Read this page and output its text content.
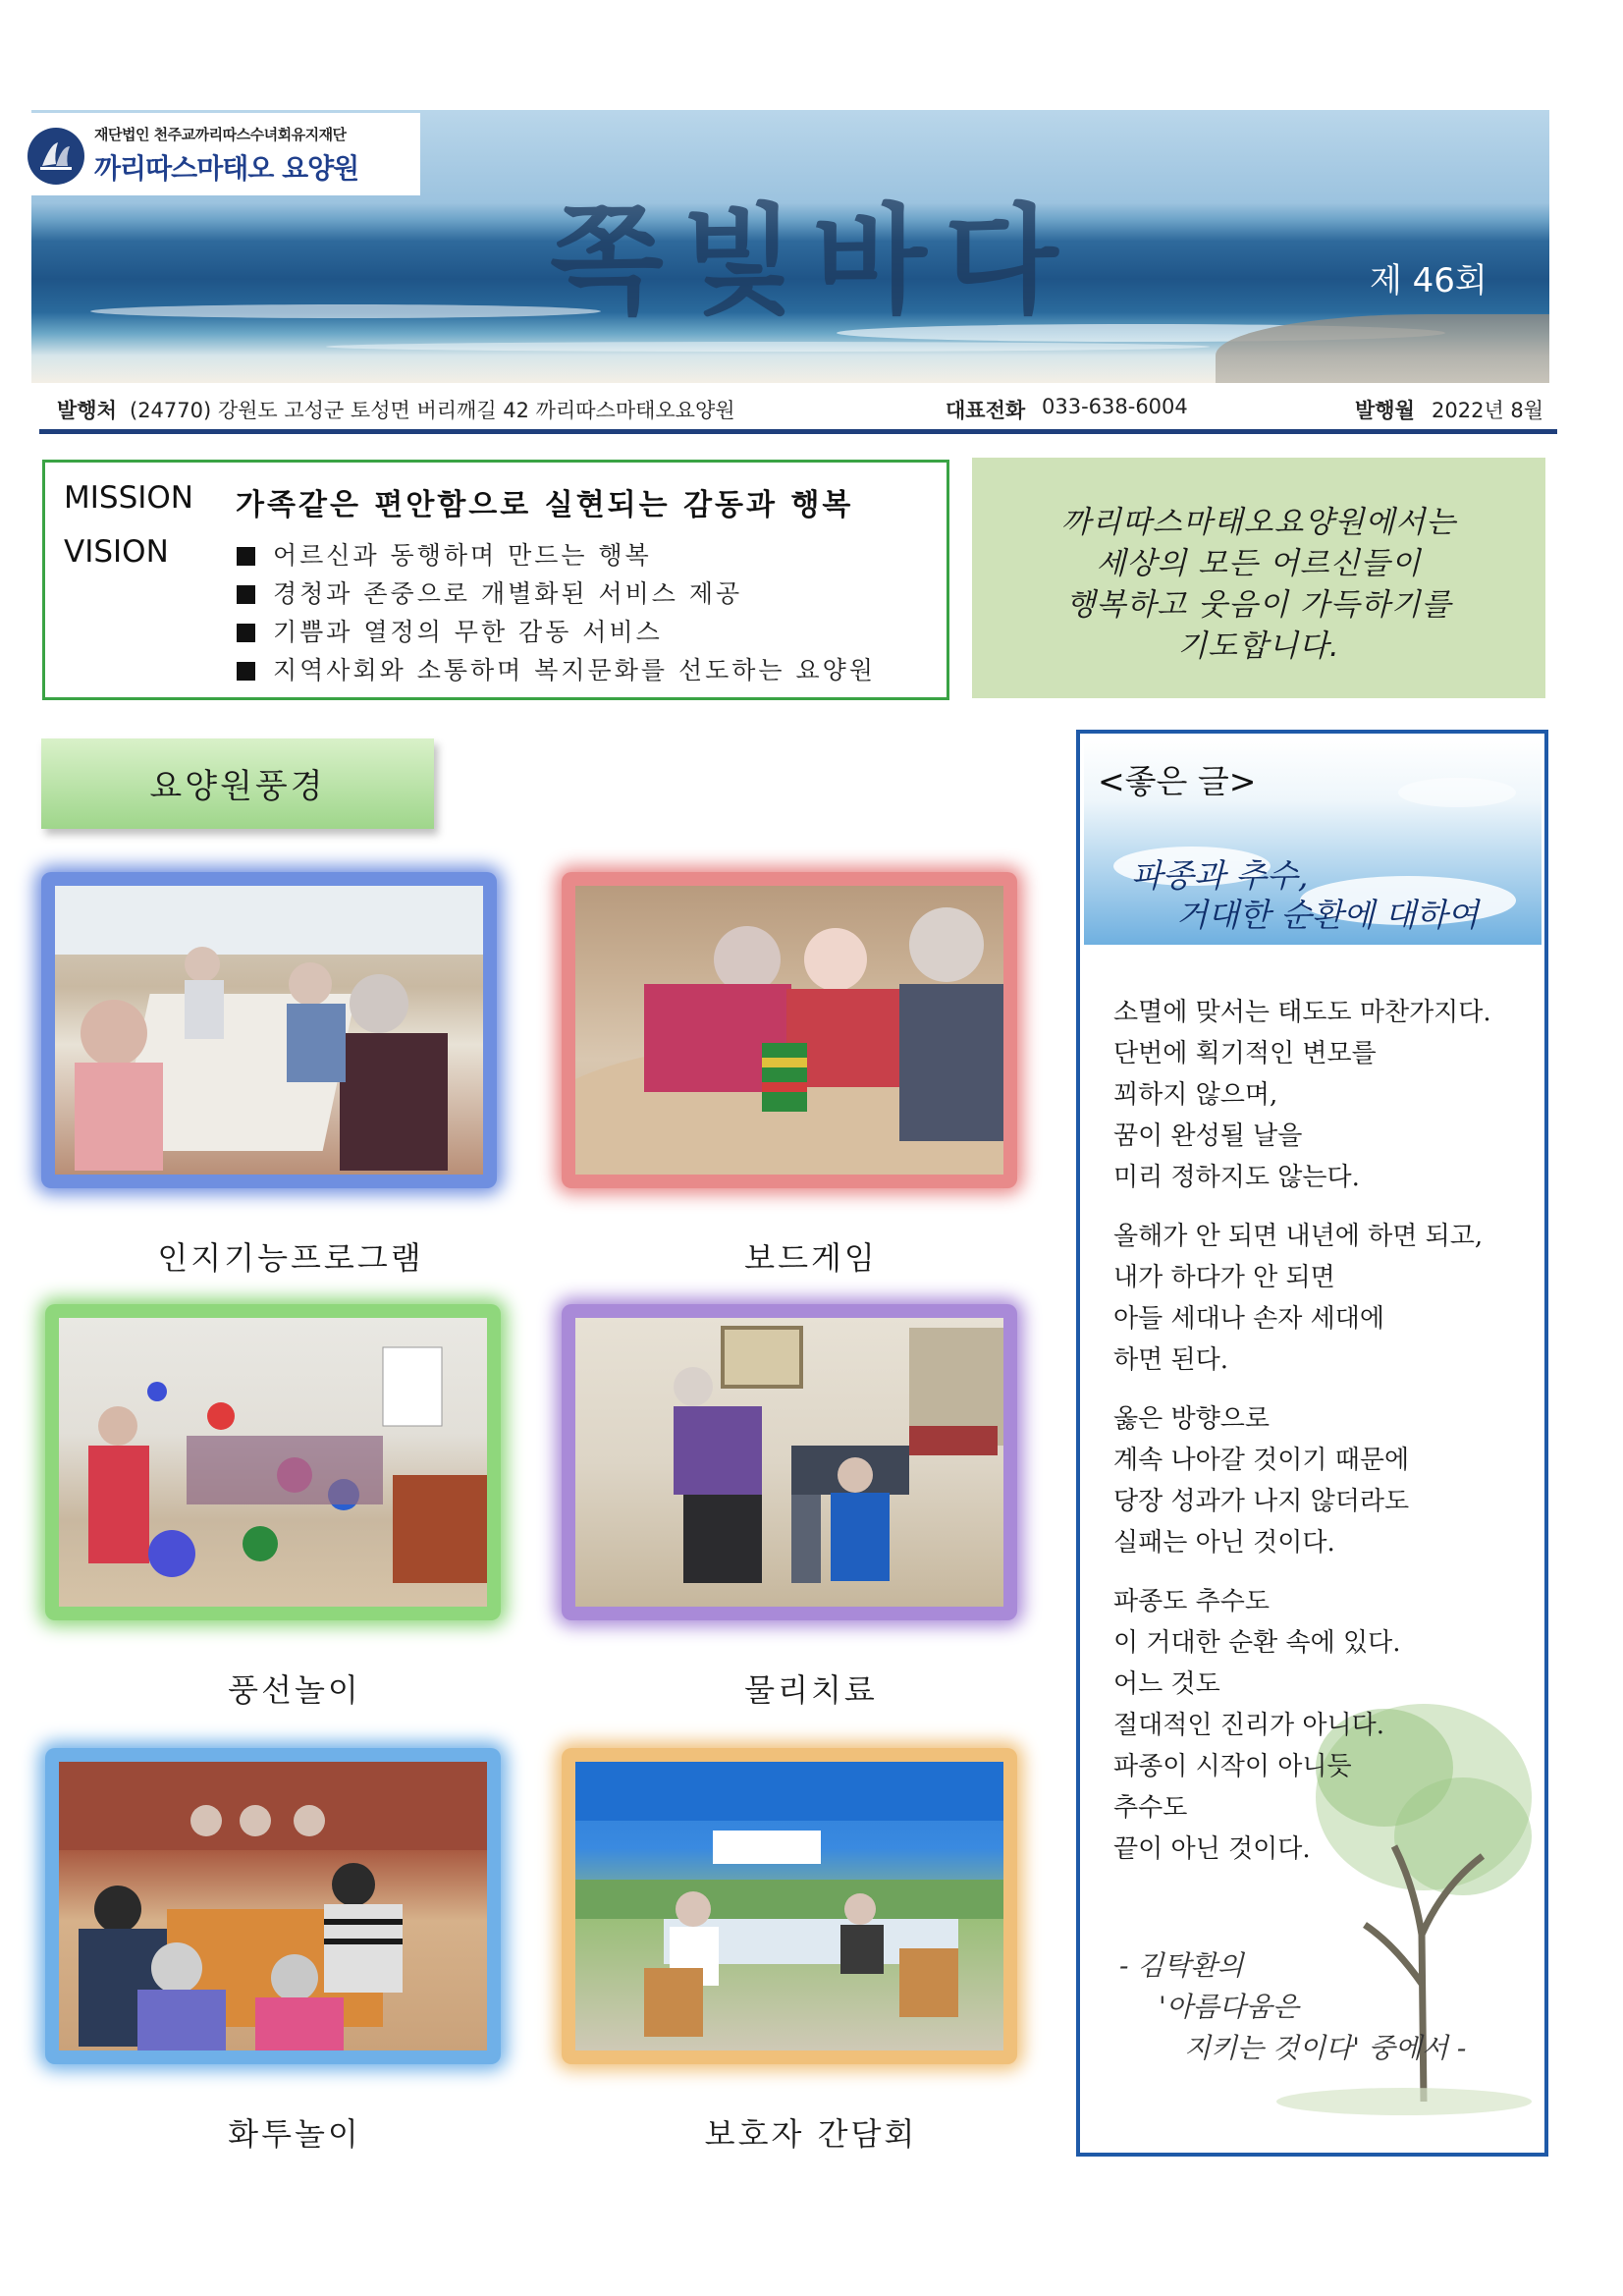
재단법인 천주교까리따스수녀회유지재단
까리따스마태오 요양원
쪽빛바다	제 46회
발행처 (24770) 강원도 고성군 토성면 버리깨길 42 까리따스마태오요양원	대표전화 033-638-6004	발행월 2022년 8월
MISSION 가족같은 편안함으로 실현되는 감동과 행복
VISION	어르신과 동행하며 만드는 행복
경청과 존중으로 개별화된 서비스 제공
기쁨과 열정의 무한 감동 서비스
지역사회와 소통하며 복지문화를 선도하는 요양원
까리따스마태오요양원에서는
세상의 모든 어르신들이
행복하고 웃음이 가득하기를
기도합니다.
요양원풍경
인지기능프로그램	보드게임
풍선놀이	물리치료
화투놀이	보호자 간담회
<좋은 글>
파종과 추수,
거대한 순환에 대하여
소멸에 맞서는 태도도 마찬가지다.
단번에 획기적인 변모를
꾀하지 않으며,
꿈이 완성될 날을
미리 정하지도 않는다.
올해가 안 되면 내년에 하면 되고,
내가 하다가 안 되면
아들 세대나 손자 세대에
하면 된다.
옳은 방향으로
계속 나아갈 것이기 때문에
당장 성과가 나지 않더라도
실패는 아닌 것이다.
파종도 추수도
이 거대한 순환 속에 있다.
어느 것도
절대적인 진리가 아니다.
파종이 시작이 아니듯
추수도
끝이 아닌 것이다.
- 김탁환의
'아름다움은
지키는 것이다' 중에서 -
